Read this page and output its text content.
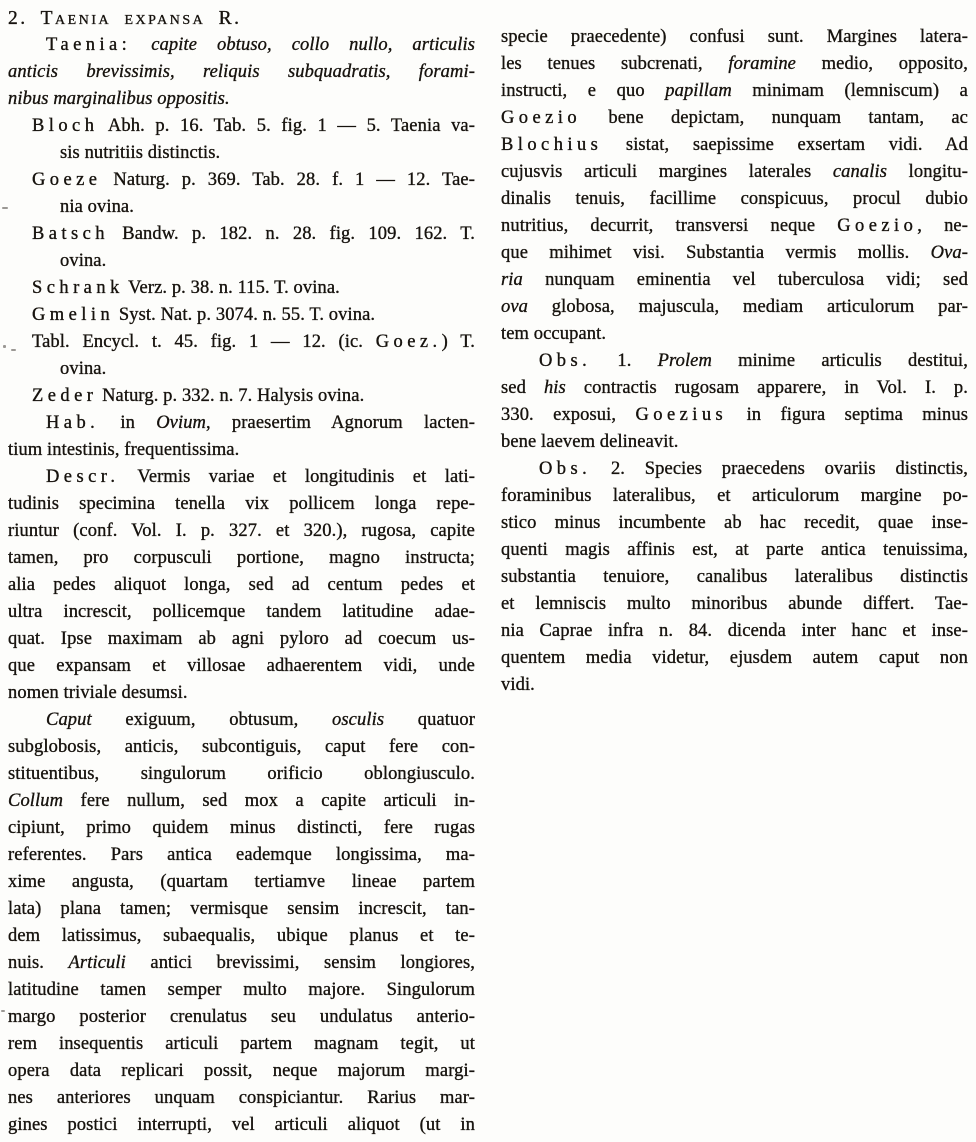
2. Taenia expansa R.
Taenia: capite obtuso, collo nullo, articulis
anticis brevissimis, reliquis subquadratis, forami-
nibus marginalibus oppositis.
Bloch Abh. p. 16. Tab. 5. fig. 1 — 5. Taenia va-
sis nutritiis distinctis.
Goeze Naturg. p. 369. Tab. 28. f. 1 — 12. Tae-
nia ovina.
Batsch Bandw. p. 182. n. 28. fig. 109. 162. T.
ovina.
Schrank Verz. p. 38. n. 115. T. ovina.
Gmelin Syst. Nat. p. 3074. n. 55. T. ovina.
Tabl. Encycl. t. 45. fig. 1 — 12. (ic. Goez.) T.
ovina.
Zeder Naturg. p. 332. n. 7. Halysis ovina.
Hab. in Ovium, praesertim Agnorum lacten-
tium intestinis, frequentissima.
Descr. Vermis variae et longitudinis et lati-
tudinis specimina tenella vix pollicem longa repe-
riuntur (conf. Vol. I. p. 327. et 320.), rugosa, capite
tamen, pro corpusculi portione, magno instructa;
alia pedes aliquot longa, sed ad centum pedes et
ultra increscit, pollicemque tandem latitudine adae-
quat. Ipse maximam ab agni pyloro ad coecum us-
que expansam et villosae adhaerentem vidi, unde
nomen triviale desumsi.
Caput exiguum, obtusum, osculis quatuor
subglobosis, anticis, subcontiguis, caput fere con-
stituentibus, singulorum orificio oblongiusculo.
Collum fere nullum, sed mox a capite articuli in-
cipiunt, primo quidem minus distincti, fere rugas
referentes. Pars antica eademque longissima, ma-
xime angusta, (quartam tertiamve lineae partem
lata) plana tamen; vermisque sensim increscit, tan-
dem latissimus, subaequalis, ubique planus et te-
nuis. Articuli antici brevissimi, sensim longiores,
latitudine tamen semper multo majore. Singulorum
margo posterior crenulatus seu undulatus anterio-
rem insequentis articuli partem magnam tegit, ut
opera data replicari possit, neque majorum margi-
nes anteriores unquam conspiciantur. Rarius mar-
gines postici interrupti, vel articuli aliquot (ut in
specie praecedente) confusi sunt. Margines latera-
les tenues subcrenati, foramine medio, opposito,
instructi, e quo papillam minimam (lemniscum) a
Goezio bene depictam, nunquam tantam, ac
Blochius sistat, saepissime exsertam vidi. Ad
cujusvis articuli margines laterales canalis longitu-
dinalis tenuis, facillime conspicuus, procul dubio
nutritius, decurrit, transversi neque Goezio, ne-
que mihimet visi. Substantia vermis mollis. Ova-
ria nunquam eminentia vel tuberculosa vidi; sed
ova globosa, majuscula, mediam articulorum par-
tem occupant.
Obs. 1. Prolem minime articulis destitui,
sed his contractis rugosam apparere, in Vol. I. p.
330. exposui, Goezius in figura septima minus
bene laevem delineavit.
Obs. 2. Species praecedens ovariis distinctis,
foraminibus lateralibus, et articulorum margine po-
stico minus incumbente ab hac recedit, quae inse-
quenti magis affinis est, at parte antica tenuissima,
substantia tenuiore, canalibus lateralibus distinctis
et lemniscis multo minoribus abunde differt. Tae-
nia Caprae infra n. 84. dicenda inter hanc et inse-
quentem media videtur, ejusdem autem caput non
vidi.
